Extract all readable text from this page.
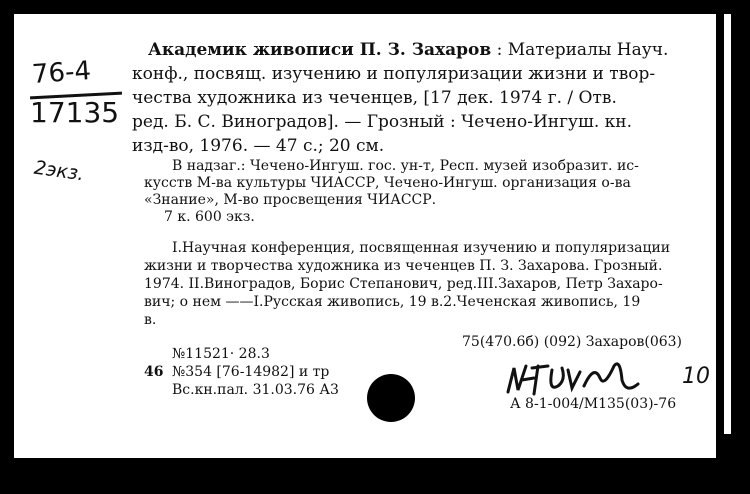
76-4
17135
2экз.
Академик живописи П. З. Захаров : Материалы Науч.
конф., посвящ. изучению и популяризации жизни и твор-
чества художника из чеченцев, [17 дек. 1974 г. / Отв.
ред. Б. С. Виноградов]. — Грозный : Чечено-Ингуш. кн.
изд-во, 1976. — 47 с.; 20 см.
В надзаг.: Чечено-Ингуш. гос. ун-т, Респ. музей изобразит. ис-
кусств М-ва культуры ЧИАССР, Чечено-Ингуш. организация о-ва
«Знание», М-во просвещения ЧИАССР.
7 к. 600 экз.
I.Научная конференция, посвященная изучению и популяризации
жизни и творчества художника из чеченцев П. З. Захарова. Грозный.
1974. II.Виноградов, Борис Степанович, ред.III.Захаров, Петр Захаро-
вич; о нем ——I.Русская живопись, 19 в.2.Чеченская живопись, 19
в.
№11521· 28.3
46 №354 [76-14982] и тр
Вс.кн.пал. 31.03.76 А3
75(470.6б) (092) Захаров(063)
10
А 8-1-004/М135(03)-76
